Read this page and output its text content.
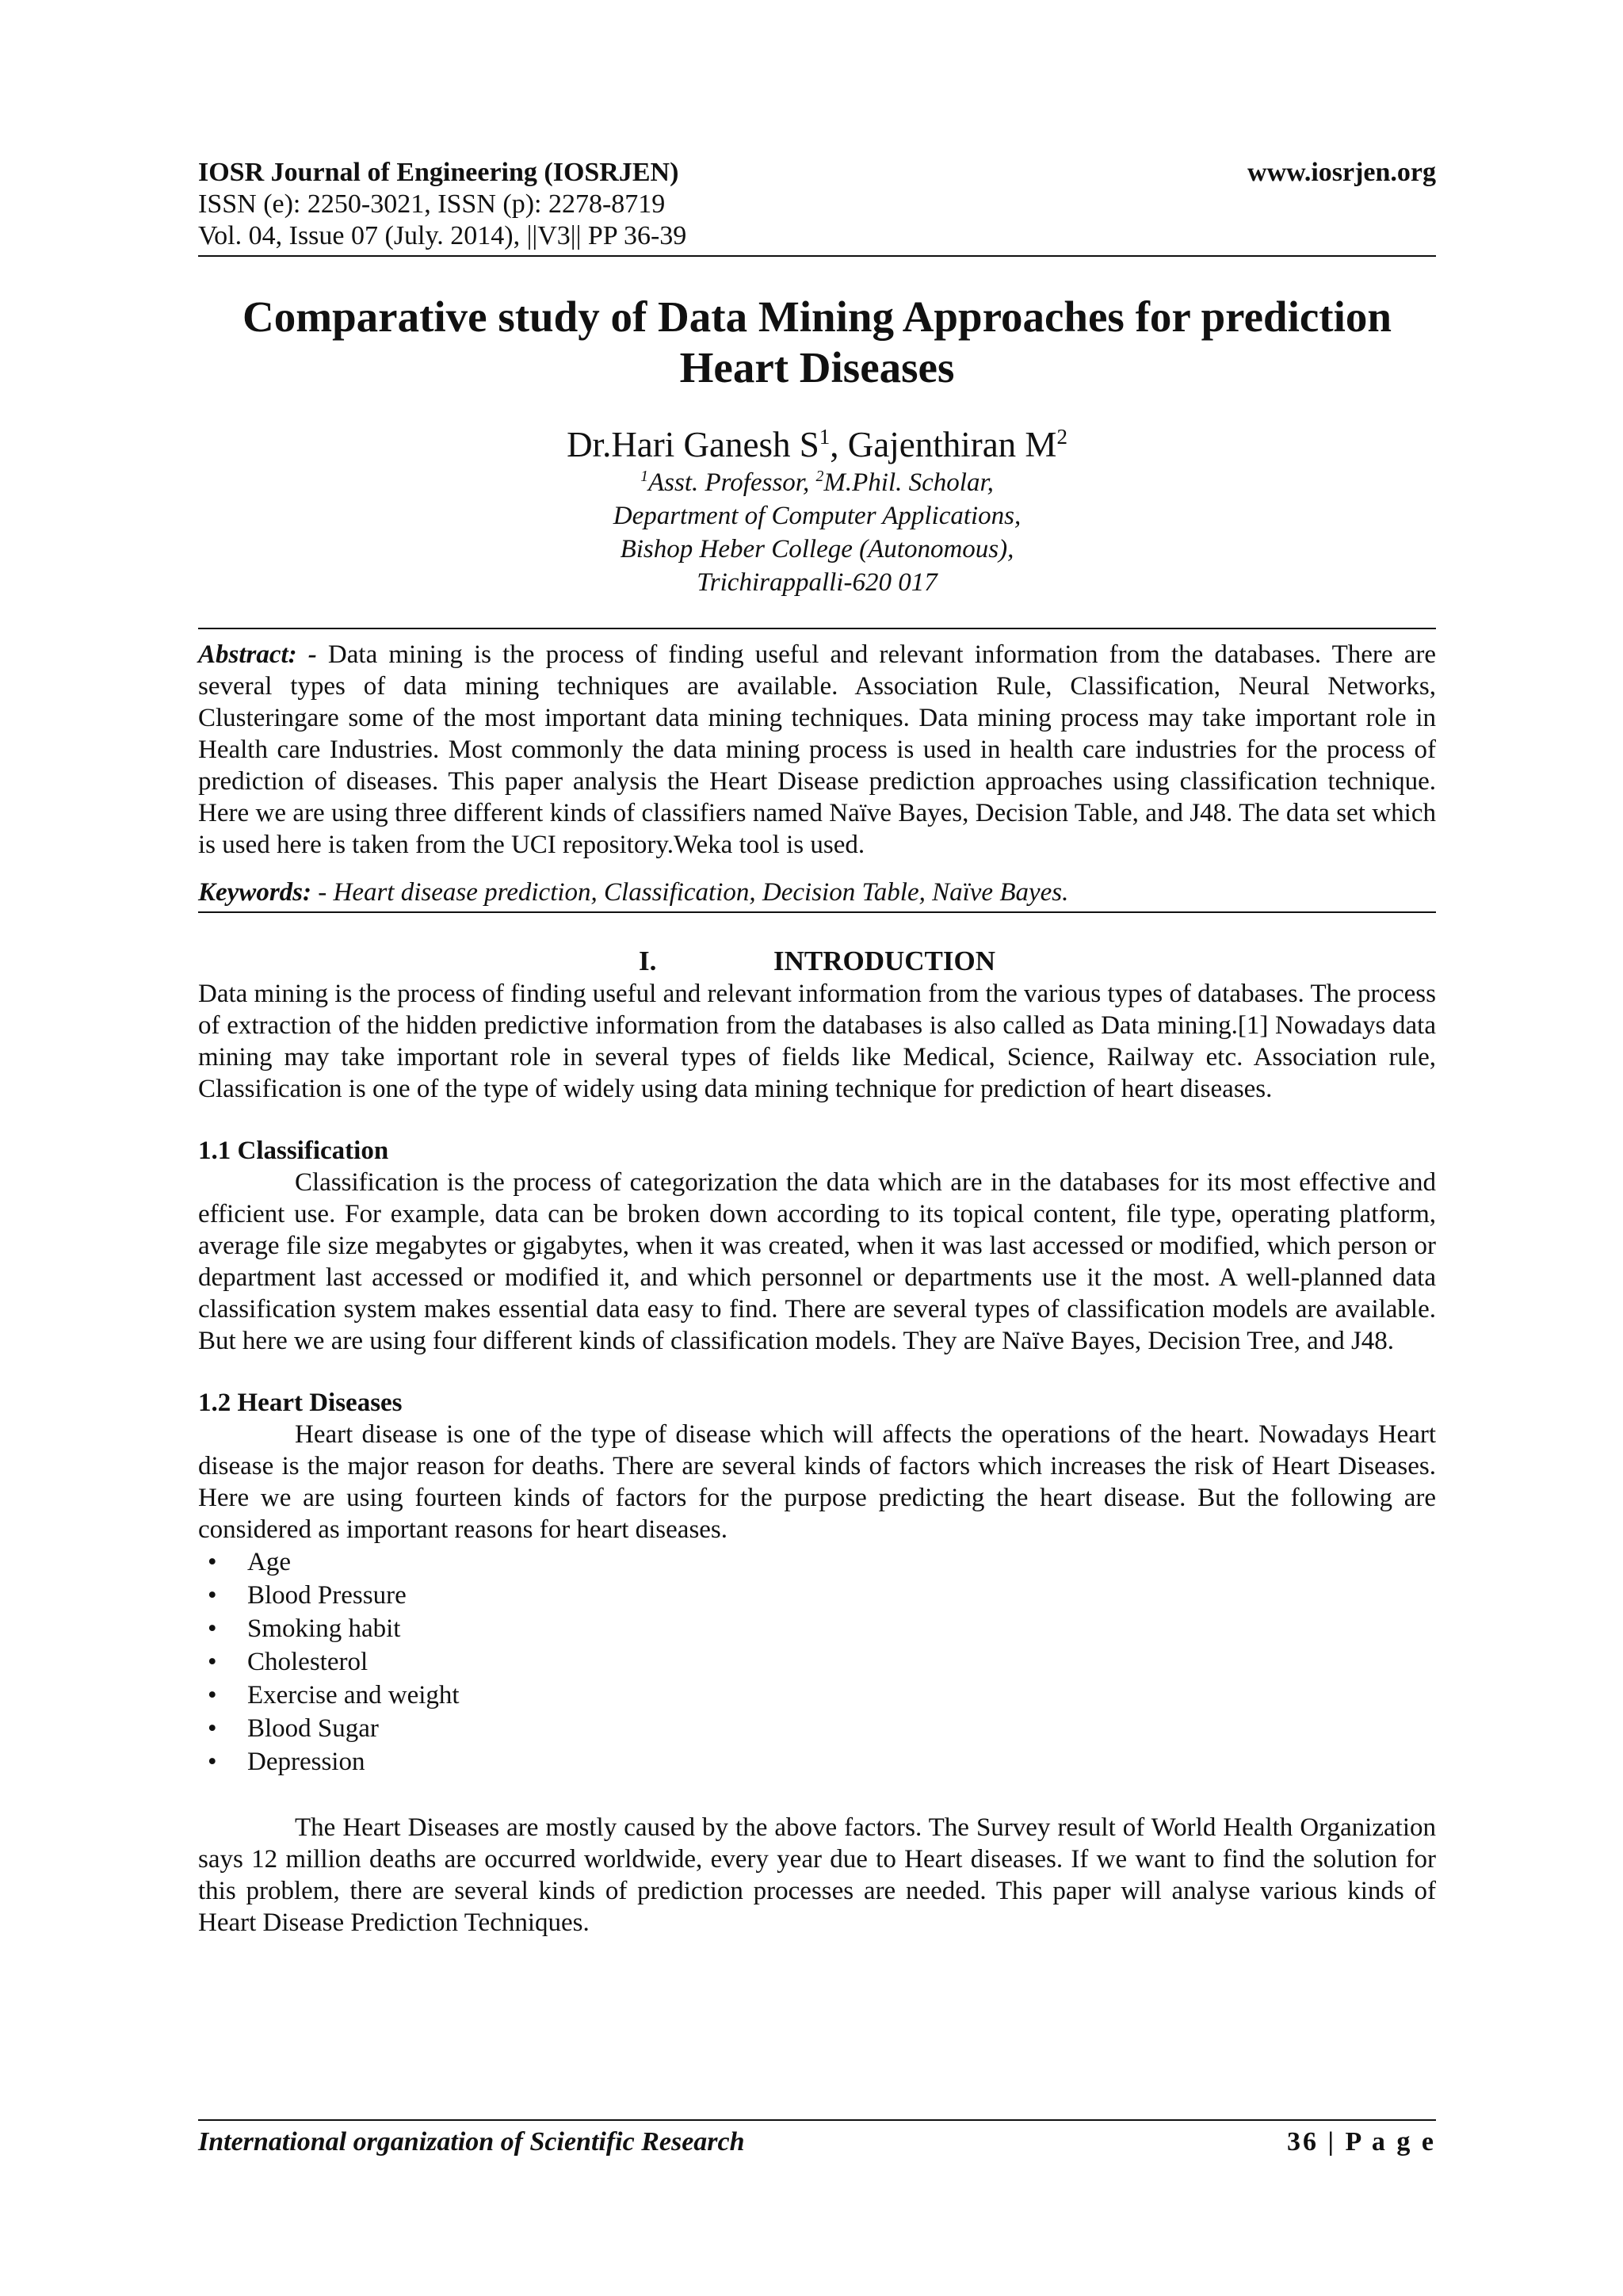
IOSR Journal of Engineering (IOSRJEN)	www.iosrjen.org
ISSN (e): 2250-3021, ISSN (p): 2278-8719
Vol. 04, Issue 07 (July. 2014), ||V3|| PP 36-39
Comparative study of Data Mining Approaches for prediction
Heart Diseases
Dr.Hari Ganesh $S^1$, Gajenthiran $M^2$
$^1$Asst. Professor, $^2$M.Phil. Scholar,
Department of Computer Applications,
Bishop Heber College (Autonomous),
Trichirappalli-620 017
Abstract: - Data mining is the process of finding useful and relevant information from the databases. There are several types of data mining techniques are available. Association Rule, Classification, Neural Networks, Clusteringare some of the most important data mining techniques. Data mining process may take important role in Health care Industries. Most commonly the data mining process is used in health care industries for the process of prediction of diseases. This paper analysis the Heart Disease prediction approaches using classification technique. Here we are using three different kinds of classifiers named Naïve Bayes, Decision Table, and J48. The data set which is used here is taken from the UCI repository.Weka tool is used.
Keywords: - Heart disease prediction, Classification, Decision Table, Naïve Bayes.
I.	INTRODUCTION
Data mining is the process of finding useful and relevant information from the various types of databases. The process of extraction of the hidden predictive information from the databases is also called as Data mining.[1] Nowadays data mining may take important role in several types of fields like Medical, Science, Railway etc. Association rule, Classification is one of the type of widely using data mining technique for prediction of heart diseases.
1.1 Classification
Classification is the process of categorization the data which are in the databases for its most effective and efficient use. For example, data can be broken down according to its topical content, file type, operating platform, average file size megabytes or gigabytes, when it was created, when it was last accessed or modified, which person or department last accessed or modified it, and which personnel or departments use it the most. A well-planned data classification system makes essential data easy to find. There are several types of classification models are available. But here we are using four different kinds of classification models. They are Naïve Bayes, Decision Tree, and J48.
1.2 Heart Diseases
Heart disease is one of the type of disease which will affects the operations of the heart. Nowadays Heart disease is the major reason for deaths. There are several kinds of factors which increases the risk of Heart Diseases. Here we are using fourteen kinds of factors for the purpose predicting the heart disease. But the following are considered as important reasons for heart diseases.
•	Age
•	Blood Pressure
•	Smoking habit
•	Cholesterol
•	Exercise and weight
•	Blood Sugar
•	Depression
The Heart Diseases are mostly caused by the above factors. The Survey result of World Health Organization says 12 million deaths are occurred worldwide, every year due to Heart diseases. If we want to find the solution for this problem, there are several kinds of prediction processes are needed. This paper will analyse various kinds of Heart Disease Prediction Techniques.
International organization of Scientific Research	36 | P a g e
